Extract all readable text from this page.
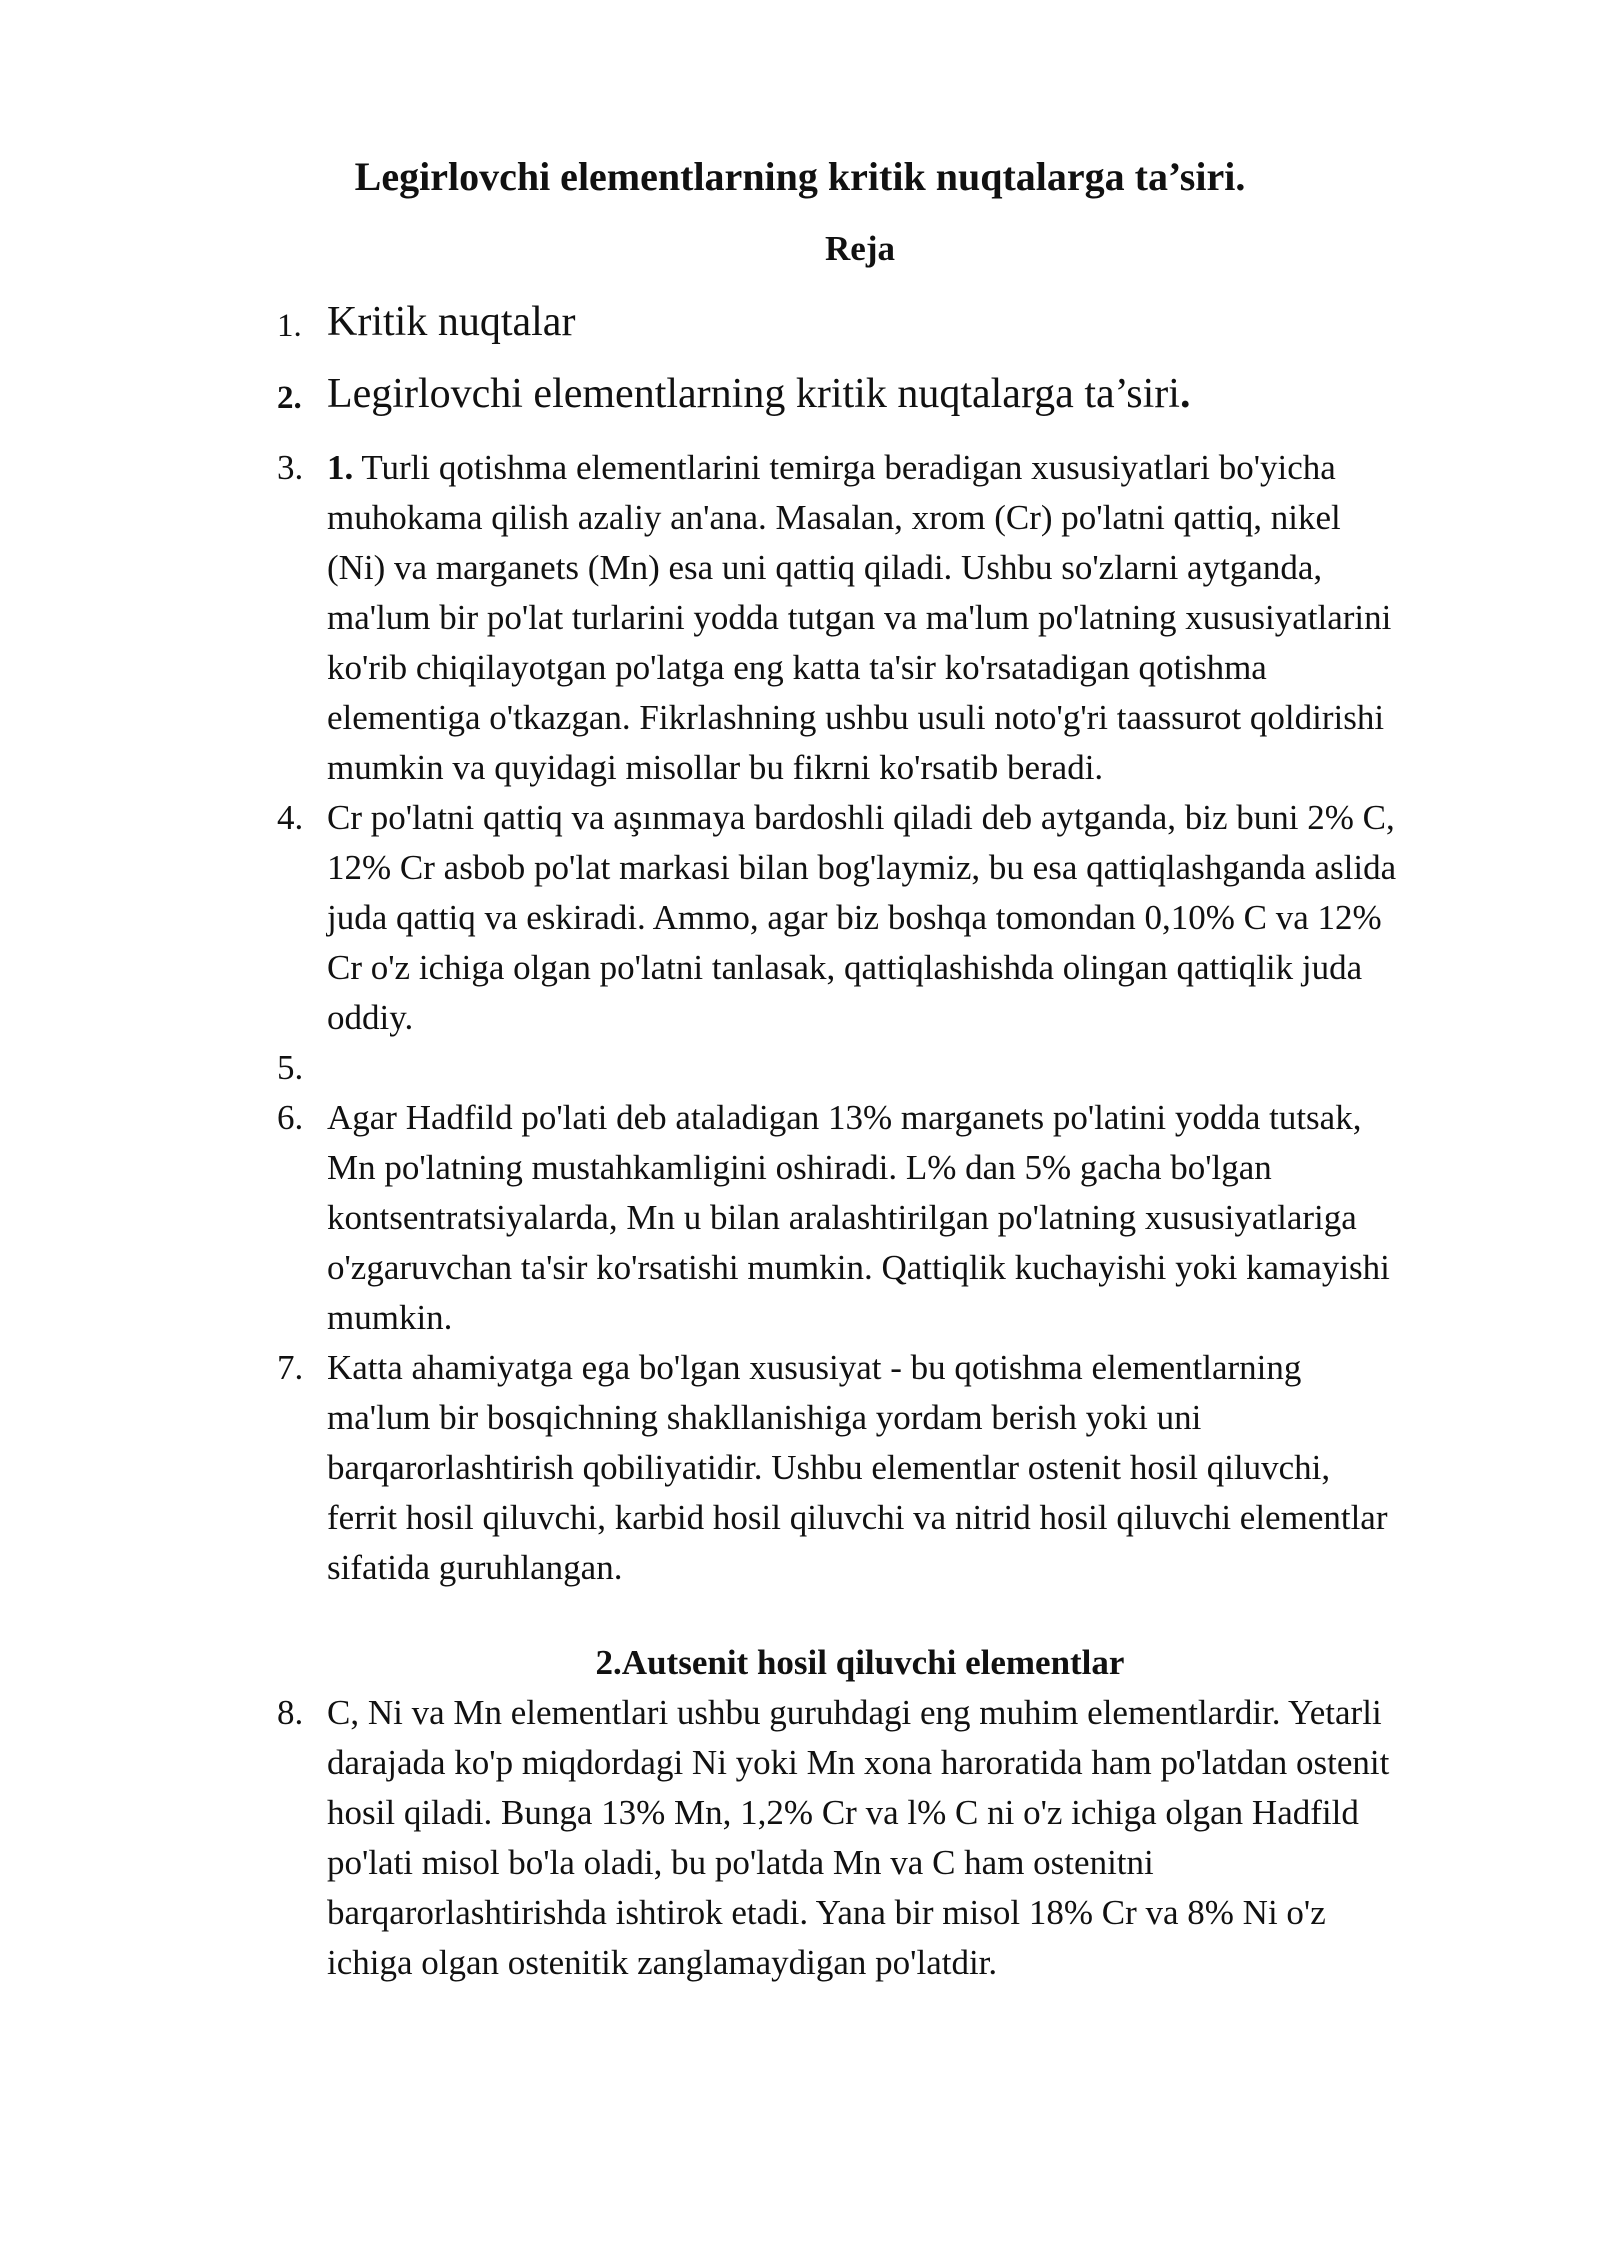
Legirlovchi elementlarning kritik nuqtalarga ta’siri.
Reja
1. Kritik nuqtalar
2. Legirlovchi elementlarning kritik nuqtalarga ta’siri.
3. 1. Turli qotishma elementlarini temirga beradigan xususiyatlari bo'yicha
muhokama qilish azaliy an'ana. Masalan, xrom (Cr) po'latni qattiq, nikel
(Ni) va marganets (Mn) esa uni qattiq qiladi. Ushbu so'zlarni aytganda,
ma'lum bir po'lat turlarini yodda tutgan va ma'lum po'latning xususiyatlarini
ko'rib chiqilayotgan po'latga eng katta ta'sir ko'rsatadigan qotishma
elementiga o'tkazgan. Fikrlashning ushbu usuli noto'g'ri taassurot qoldirishi
mumkin va quyidagi misollar bu fikrni ko'rsatib beradi.
4. Cr po'latni qattiq va aşınmaya bardoshli qiladi deb aytganda, biz buni 2% C,
12% Cr asbob po'lat markasi bilan bog'laymiz, bu esa qattiqlashganda aslida
juda qattiq va eskiradi. Ammo, agar biz boshqa tomondan 0,10% C va 12%
Cr o'z ichiga olgan po'latni tanlasak, qattiqlashishda olingan qattiqlik juda
oddiy.
5.
6. Agar Hadfild po'lati deb ataladigan 13% marganets po'latini yodda tutsak,
Mn po'latning mustahkamligini oshiradi. L% dan 5% gacha bo'lgan
kontsentratsiyalarda, Mn u bilan aralashtirilgan po'latning xususiyatlariga
o'zgaruvchan ta'sir ko'rsatishi mumkin. Qattiqlik kuchayishi yoki kamayishi
mumkin.
7. Katta ahamiyatga ega bo'lgan xususiyat - bu qotishma elementlarning
ma'lum bir bosqichning shakllanishiga yordam berish yoki uni
barqarorlashtirish qobiliyatidir. Ushbu elementlar ostenit hosil qiluvchi,
ferrit hosil qiluvchi, karbid hosil qiluvchi va nitrid hosil qiluvchi elementlar
sifatida guruhlangan.
2.Autsenit hosil qiluvchi elementlar
8. C, Ni va Mn elementlari ushbu guruhdagi eng muhim elementlardir. Yetarli
darajada ko'p miqdordagi Ni yoki Mn xona haroratida ham po'latdan ostenit
hosil qiladi. Bunga 13% Mn, 1,2% Cr va l% C ni o'z ichiga olgan Hadfild
po'lati misol bo'la oladi, bu po'latda Mn va C ham ostenitni
barqarorlashtirishda ishtirok etadi. Yana bir misol 18% Cr va 8% Ni o'z
ichiga olgan ostenitik zanglamaydigan po'latdir.
